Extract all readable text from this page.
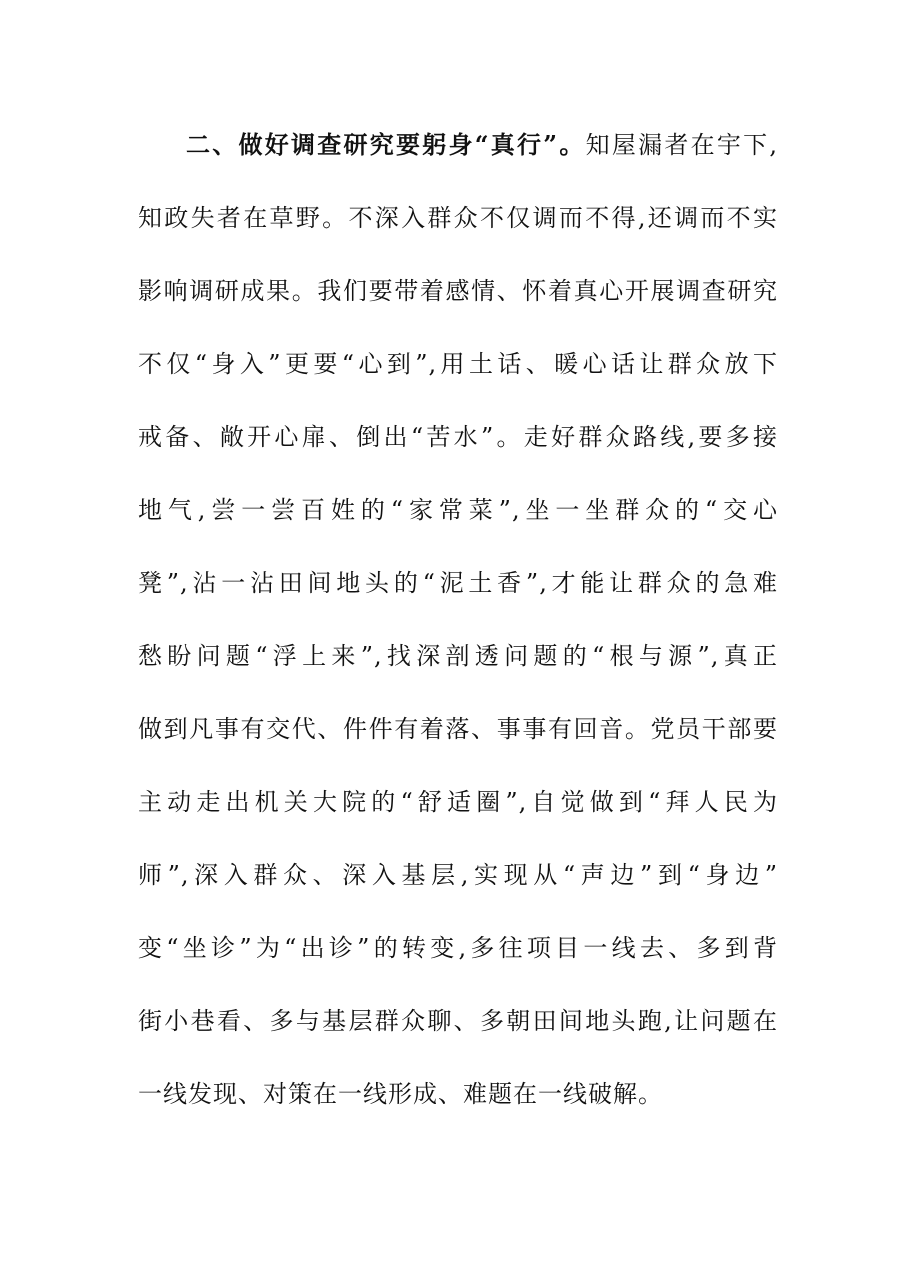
二、做好调查研究要躬身“真行”。知屋漏者在宇下,
知政失者在草野。不深入群众不仅调而不得,还调而不实
影响调研成果。我们要带着感情、怀着真心开展调查研究
不仅“身入”更要“心到”,用土话、暖心话让群众放下
戒备、敞开心扉、倒出“苦水”。走好群众路线,要多接
地气,尝一尝百姓的“家常菜”,坐一坐群众的“交心
凳”,沾一沾田间地头的“泥土香”,才能让群众的急难
愁盼问题“浮上来”,找深剖透问题的“根与源”,真正
做到凡事有交代、件件有着落、事事有回音。党员干部要
主动走出机关大院的“舒适圈”,自觉做到“拜人民为
师”,深入群众、深入基层,实现从“声边”到“身边”
变“坐诊”为“出诊”的转变,多往项目一线去、多到背
街小巷看、多与基层群众聊、多朝田间地头跑,让问题在
一线发现、对策在一线形成、难题在一线破解。
